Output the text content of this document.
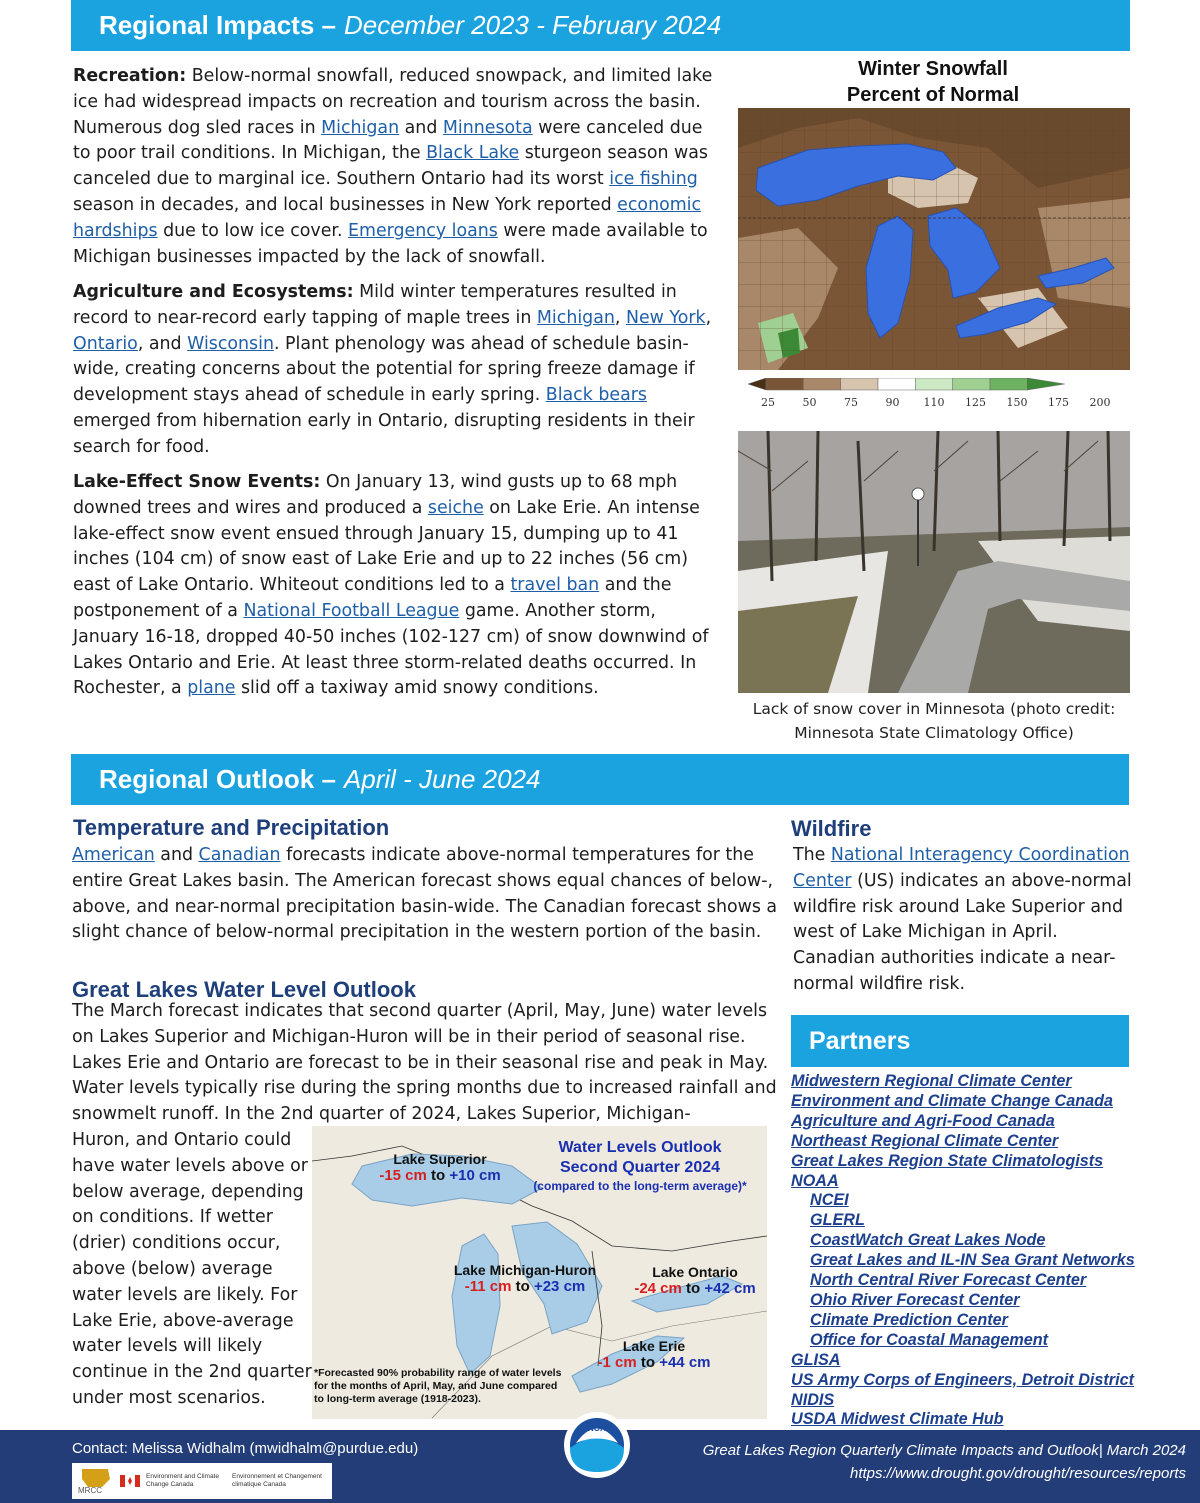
Regional Impacts – December 2023 - February 2024
Recreation: Below-normal snowfall, reduced snowpack, and limited lake ice had widespread impacts on recreation and tourism across the basin. Numerous dog sled races in Michigan and Minnesota were canceled due to poor trail conditions. In Michigan, the Black Lake sturgeon season was canceled due to marginal ice. Southern Ontario had its worst ice fishing season in decades, and local businesses in New York reported economic hardships due to low ice cover. Emergency loans were made available to Michigan businesses impacted by the lack of snowfall.
Agriculture and Ecosystems: Mild winter temperatures resulted in record to near-record early tapping of maple trees in Michigan, New York, Ontario, and Wisconsin. Plant phenology was ahead of schedule basin-wide, creating concerns about the potential for spring freeze damage if development stays ahead of schedule in early spring. Black bears emerged from hibernation early in Ontario, disrupting residents in their search for food.
Lake-Effect Snow Events: On January 13, wind gusts up to 68 mph downed trees and wires and produced a seiche on Lake Erie. An intense lake-effect snow event ensued through January 15, dumping up to 41 inches (104 cm) of snow east of Lake Erie and up to 22 inches (56 cm) east of Lake Ontario. Whiteout conditions led to a travel ban and the postponement of a National Football League game. Another storm, January 16-18, dropped 40-50 inches (102-127 cm) of snow downwind of Lakes Ontario and Erie. At least three storm-related deaths occurred. In Rochester, a plane slid off a taxiway amid snowy conditions.
Winter Snowfall
Percent of Normal
25	50	75	90 110 125 150 175 200
Lack of snow cover in Minnesota (photo credit: Minnesota State Climatology Office)
Regional Outlook – April - June 2024
Temperature and Precipitation
American and Canadian forecasts indicate above-normal temperatures for the entire Great Lakes basin. The American forecast shows equal chances of below-, above, and near-normal precipitation basin-wide. The Canadian forecast shows a slight chance of below-normal precipitation in the western portion of the basin.
Wildfire
The National Interagency Coordination Center (US) indicates an above-normal wildfire risk around Lake Superior and west of Lake Michigan in April. Canadian authorities indicate a near-normal wildfire risk.
Great Lakes Water Level Outlook
The March forecast indicates that second quarter (April, May, June) water levels on Lakes Superior and Michigan-Huron will be in their period of seasonal rise. Lakes Erie and Ontario are forecast to be in their seasonal rise and peak in May. Water levels typically rise during the spring months due to increased rainfall and snowmelt runoff. In the 2nd quarter of 2024, Lakes Superior, Michigan-
Huron, and Ontario could have water levels above or below average, depending on conditions. If wetter (drier) conditions occur, above (below) average water levels are likely. For Lake Erie, above-average water levels will likely continue in the 2nd quarter under most scenarios.
Water Levels Outlook
Second Quarter 2024
(compared to the long-term average)*
Lake Superior
-15 cm to +10 cm
Lake Michigan-Huron
-11 cm to +23 cm
Lake Ontario
-24 cm to +42 cm
Lake Erie
-1 cm to +44 cm
*Forecasted 90% probability range of water levels for the months of April, May, and June compared to long-term average (1918-2023).
Partners
Midwestern Regional Climate Center
Environment and Climate Change Canada
Agriculture and Agri-Food Canada
Northeast Regional Climate Center
Great Lakes Region State Climatologists
NOAA
NCEI
GLERL
CoastWatch Great Lakes Node
Great Lakes and IL-IN Sea Grant Networks
North Central River Forecast Center
Ohio River Forecast Center
Climate Prediction Center
Office for Coastal Management
GLISA
US Army Corps of Engineers, Detroit District
NIDIS
USDA Midwest Climate Hub
Contact: Melissa Widhalm (mwidhalm@purdue.edu)
MRCC
Environment and Climate Change Canada
Environnement et Changement climatique Canada
NOAA
Great Lakes Region Quarterly Climate Impacts and Outlook| March 2024
https://www.drought.gov/drought/resources/reports
